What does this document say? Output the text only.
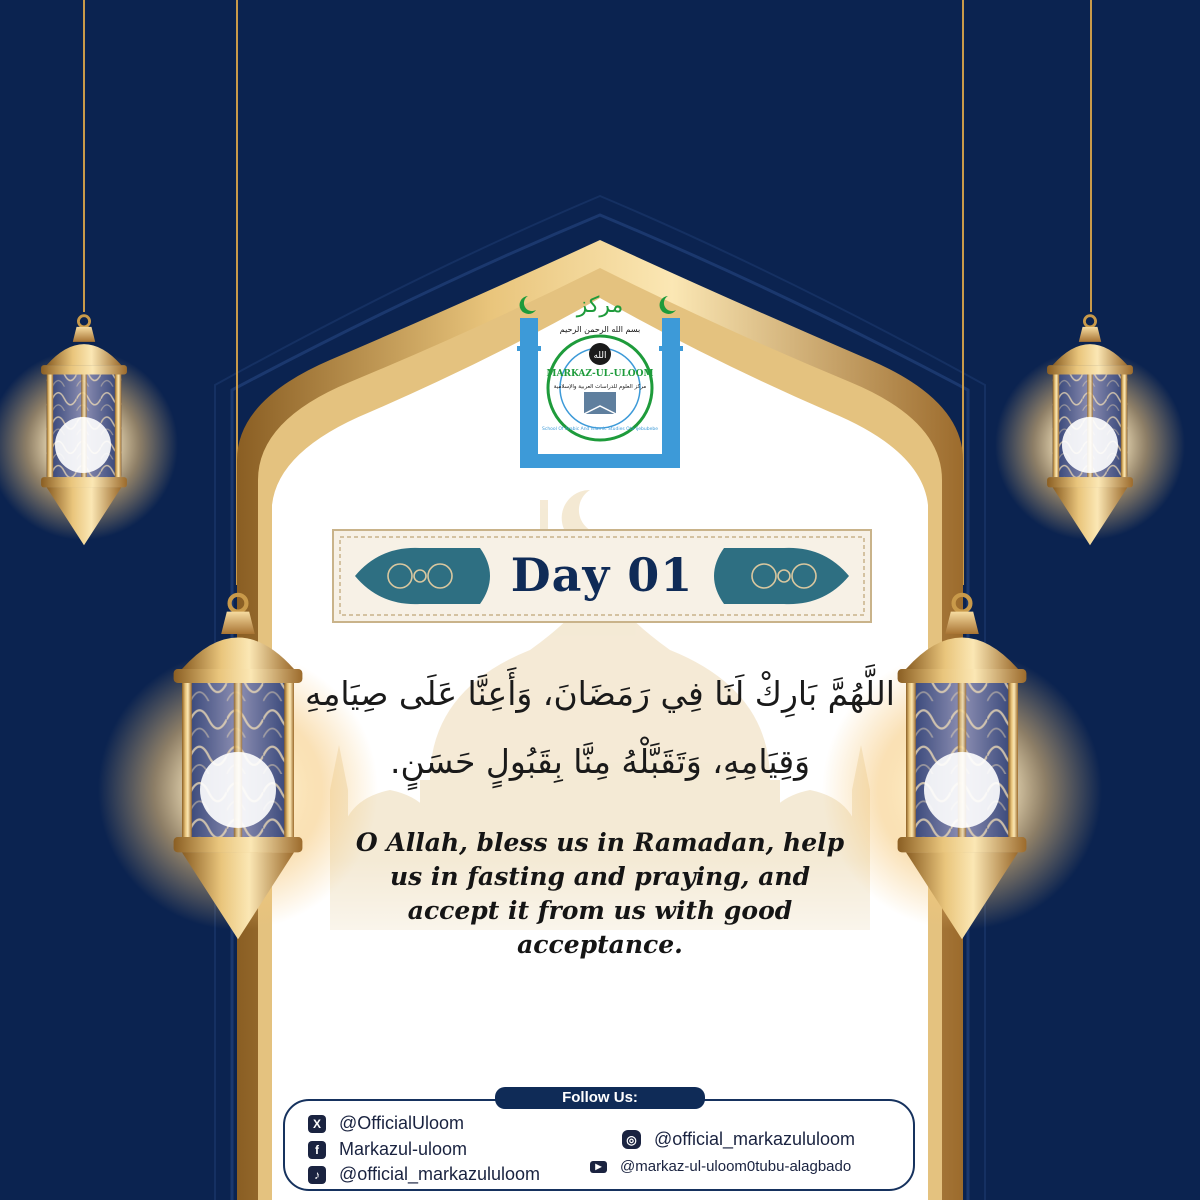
مركز
بسم الله الرحمن الرحيم
الله
MARKAZ-UL-ULOOM
مركز العلوم للدراسات العربية والإسلامية
School Of Arabic And Islamic Studies Ota Ijebubebe
Day 01
اللَّهُمَّ بَارِكْ لَنَا فِي رَمَضَانَ، وَأَعِنَّا عَلَى صِيَامِهِ
وَقِيَامِهِ، وَتَقَبَّلْهُ مِنَّا بِقَبُولٍ حَسَنٍ.
O Allah, bless us in Ramadan, help us in fasting and praying, and accept it from us with good acceptance.
X @OfficialUloom
f	Markazul-uloom
♪	@official_markazululoom
◎ @official_markazululoom
▶	@markaz-ul-uloom0tubu-alagbado
Follow Us:
